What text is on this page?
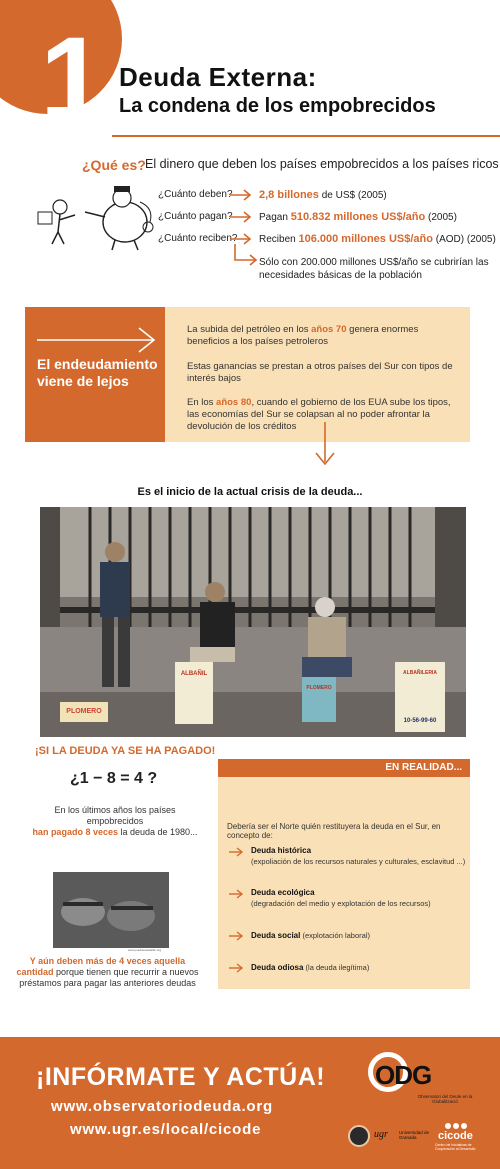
1 Deuda Externa:
La condena de los empobrecidos
¿Qué es? El dinero que deben los países empobrecidos a los países ricos
¿Cuánto deben? 2,8 billones de US$ (2005)
¿Cuánto pagan?	Pagan 510.832 millones US$/año (2005)
¿Cuánto reciben? Reciben 106.000 millones US$/año (AOD) (2005)
Sólo con 200.000 millones US$/año se cubrirían las
necesidades básicas de la población
El endeudamiento viene de lejos
La subida del petróleo en los años 70 genera enormes beneficios a los países petroleros
Estas ganancias se prestan a otros países del Sur con tipos de interés bajos
En los años 80, cuando el gobierno de los EUA sube los tipos, las economías del Sur se colapsan al no poder afrontar la devolución de los créditos
Es el inicio de la actual crisis de la deuda...
PLOMERO
ALBAÑIL
PLOMERO
ALBAÑILERIA
10-56-99-60
¡SI LA DEUDA YA SE HA PAGADO!
¿1 − 8 = 4 ?
En los últimos años los países empobrecidos
han pagado 8 veces la deuda de 1980...
www.pueblosdeltaller.org
Y aún deben más de 4 veces aquella cantidad porque tienen que recurrir a nuevos préstamos para pagar las anteriores deudas
EN REALIDAD...
Debería ser el Norte quién restituyera la deuda en el Sur, en concepto de:
Deuda histórica
(expoliación de los recursos naturales y culturales, esclavitud ...)
Deuda ecológica
(degradación del medio y explotación de los recursos)
Deuda social (explotación laboral)
Deuda odiosa (la deuda ilegítima)
¡INFÓRMATE Y ACTÚA!
www.observatoriodeuda.org
www.ugr.es/local/cicode
ODG
Observatori del Deute en la Globalització
ugr Universidad de Granada	cicode
Centro de Iniciativas de Cooperación al Desarrollo
